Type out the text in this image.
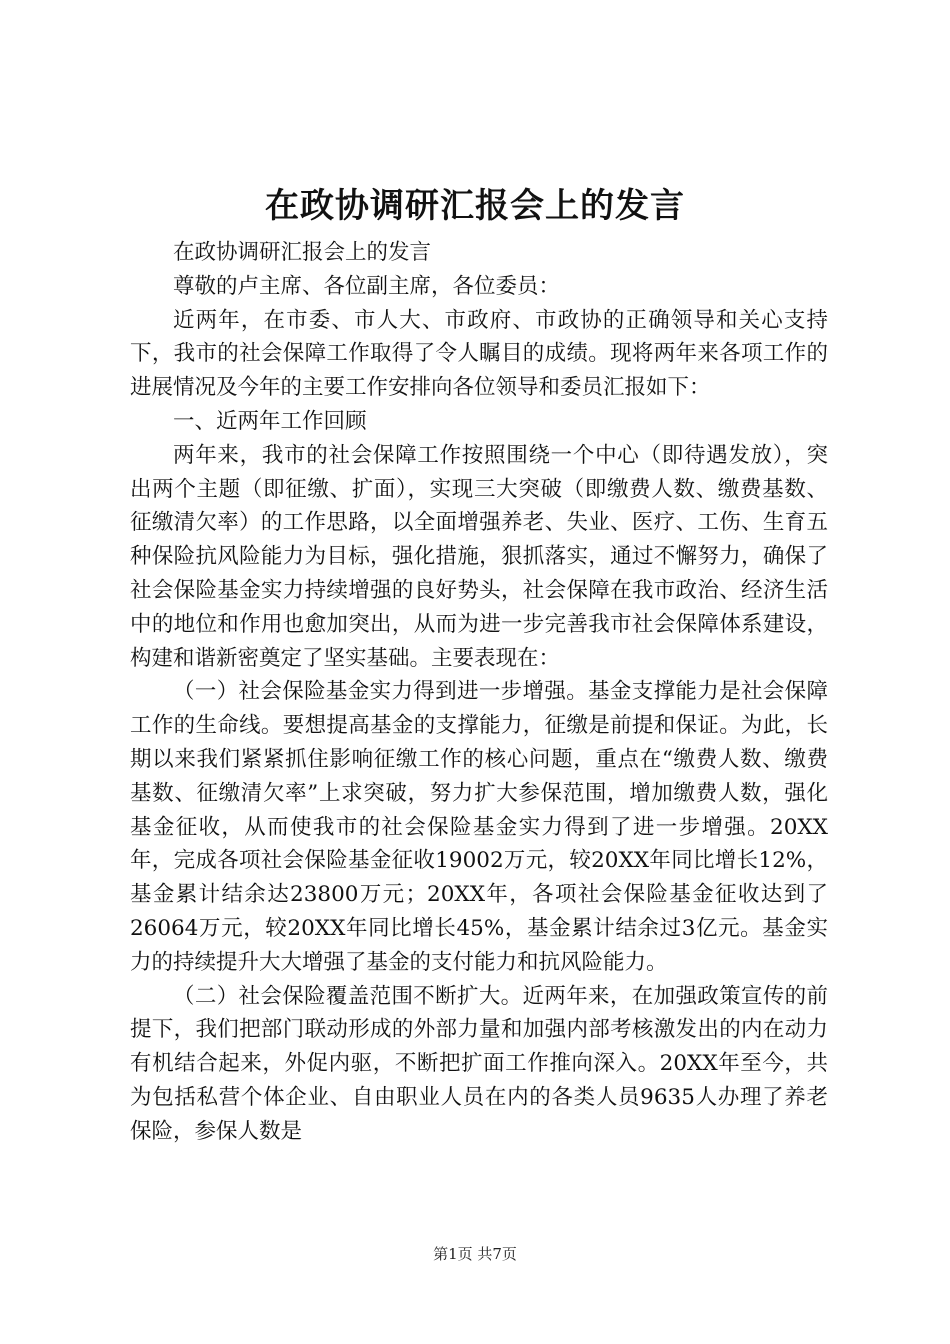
在政协调研汇报会上的发言

在政协调研汇报会上的发言

尊敬的卢主席、各位副主席，各位委员：

近两年，在市委、市人大、市政府、市政协的正确领导和关心支持下，我市的社会保障工作取得了令人瞩目的成绩。现将两年来各项工作的进展情况及今年的主要工作安排向各位领导和委员汇报如下：

一、近两年工作回顾

两年来，我市的社会保障工作按照围绕一个中心（即待遇发放），突出两个主题（即征缴、扩面），实现三大突破（即缴费人数、缴费基数、征缴清欠率）的工作思路，以全面增强养老、失业、医疗、工伤、生育五种保险抗风险能力为目标，强化措施，狠抓落实，通过不懈努力，确保了社会保险基金实力持续增强的良好势头，社会保障在我市政治、经济生活中的地位和作用也愈加突出，从而为进一步完善我市社会保障体系建设，构建和谐新密奠定了坚实基础。主要表现在：

（一）社会保险基金实力得到进一步增强。基金支撑能力是社会保障工作的生命线。要想提高基金的支撑能力，征缴是前提和保证。为此，长期以来我们紧紧抓住影响征缴工作的核心问题，重点在“缴费人数、缴费基数、征缴清欠率”上求突破，努力扩大参保范围，增加缴费人数，强化基金征收，从而使我市的社会保险基金实力得到了进一步增强。20XX年，完成各项社会保险基金征收19002万元，较20XX年同比增长12%，基金累计结余达23800万元；20XX年，各项社会保险基金征收达到了26064万元，较20XX年同比增长45%，基金累计结余过3亿元。基金实力的持续提升大大增强了基金的支付能力和抗风险能力。

（二）社会保险覆盖范围不断扩大。近两年来，在加强政策宣传的前提下，我们把部门联动形成的外部力量和加强内部考核激发出的内在动力有机结合起来，外促内驱，不断把扩面工作推向深入。20XX年至今，共为包括私营个体企业、自由职业人员在内的各类人员9635人办理了养老保险，参保人数是

第1页 共7页
